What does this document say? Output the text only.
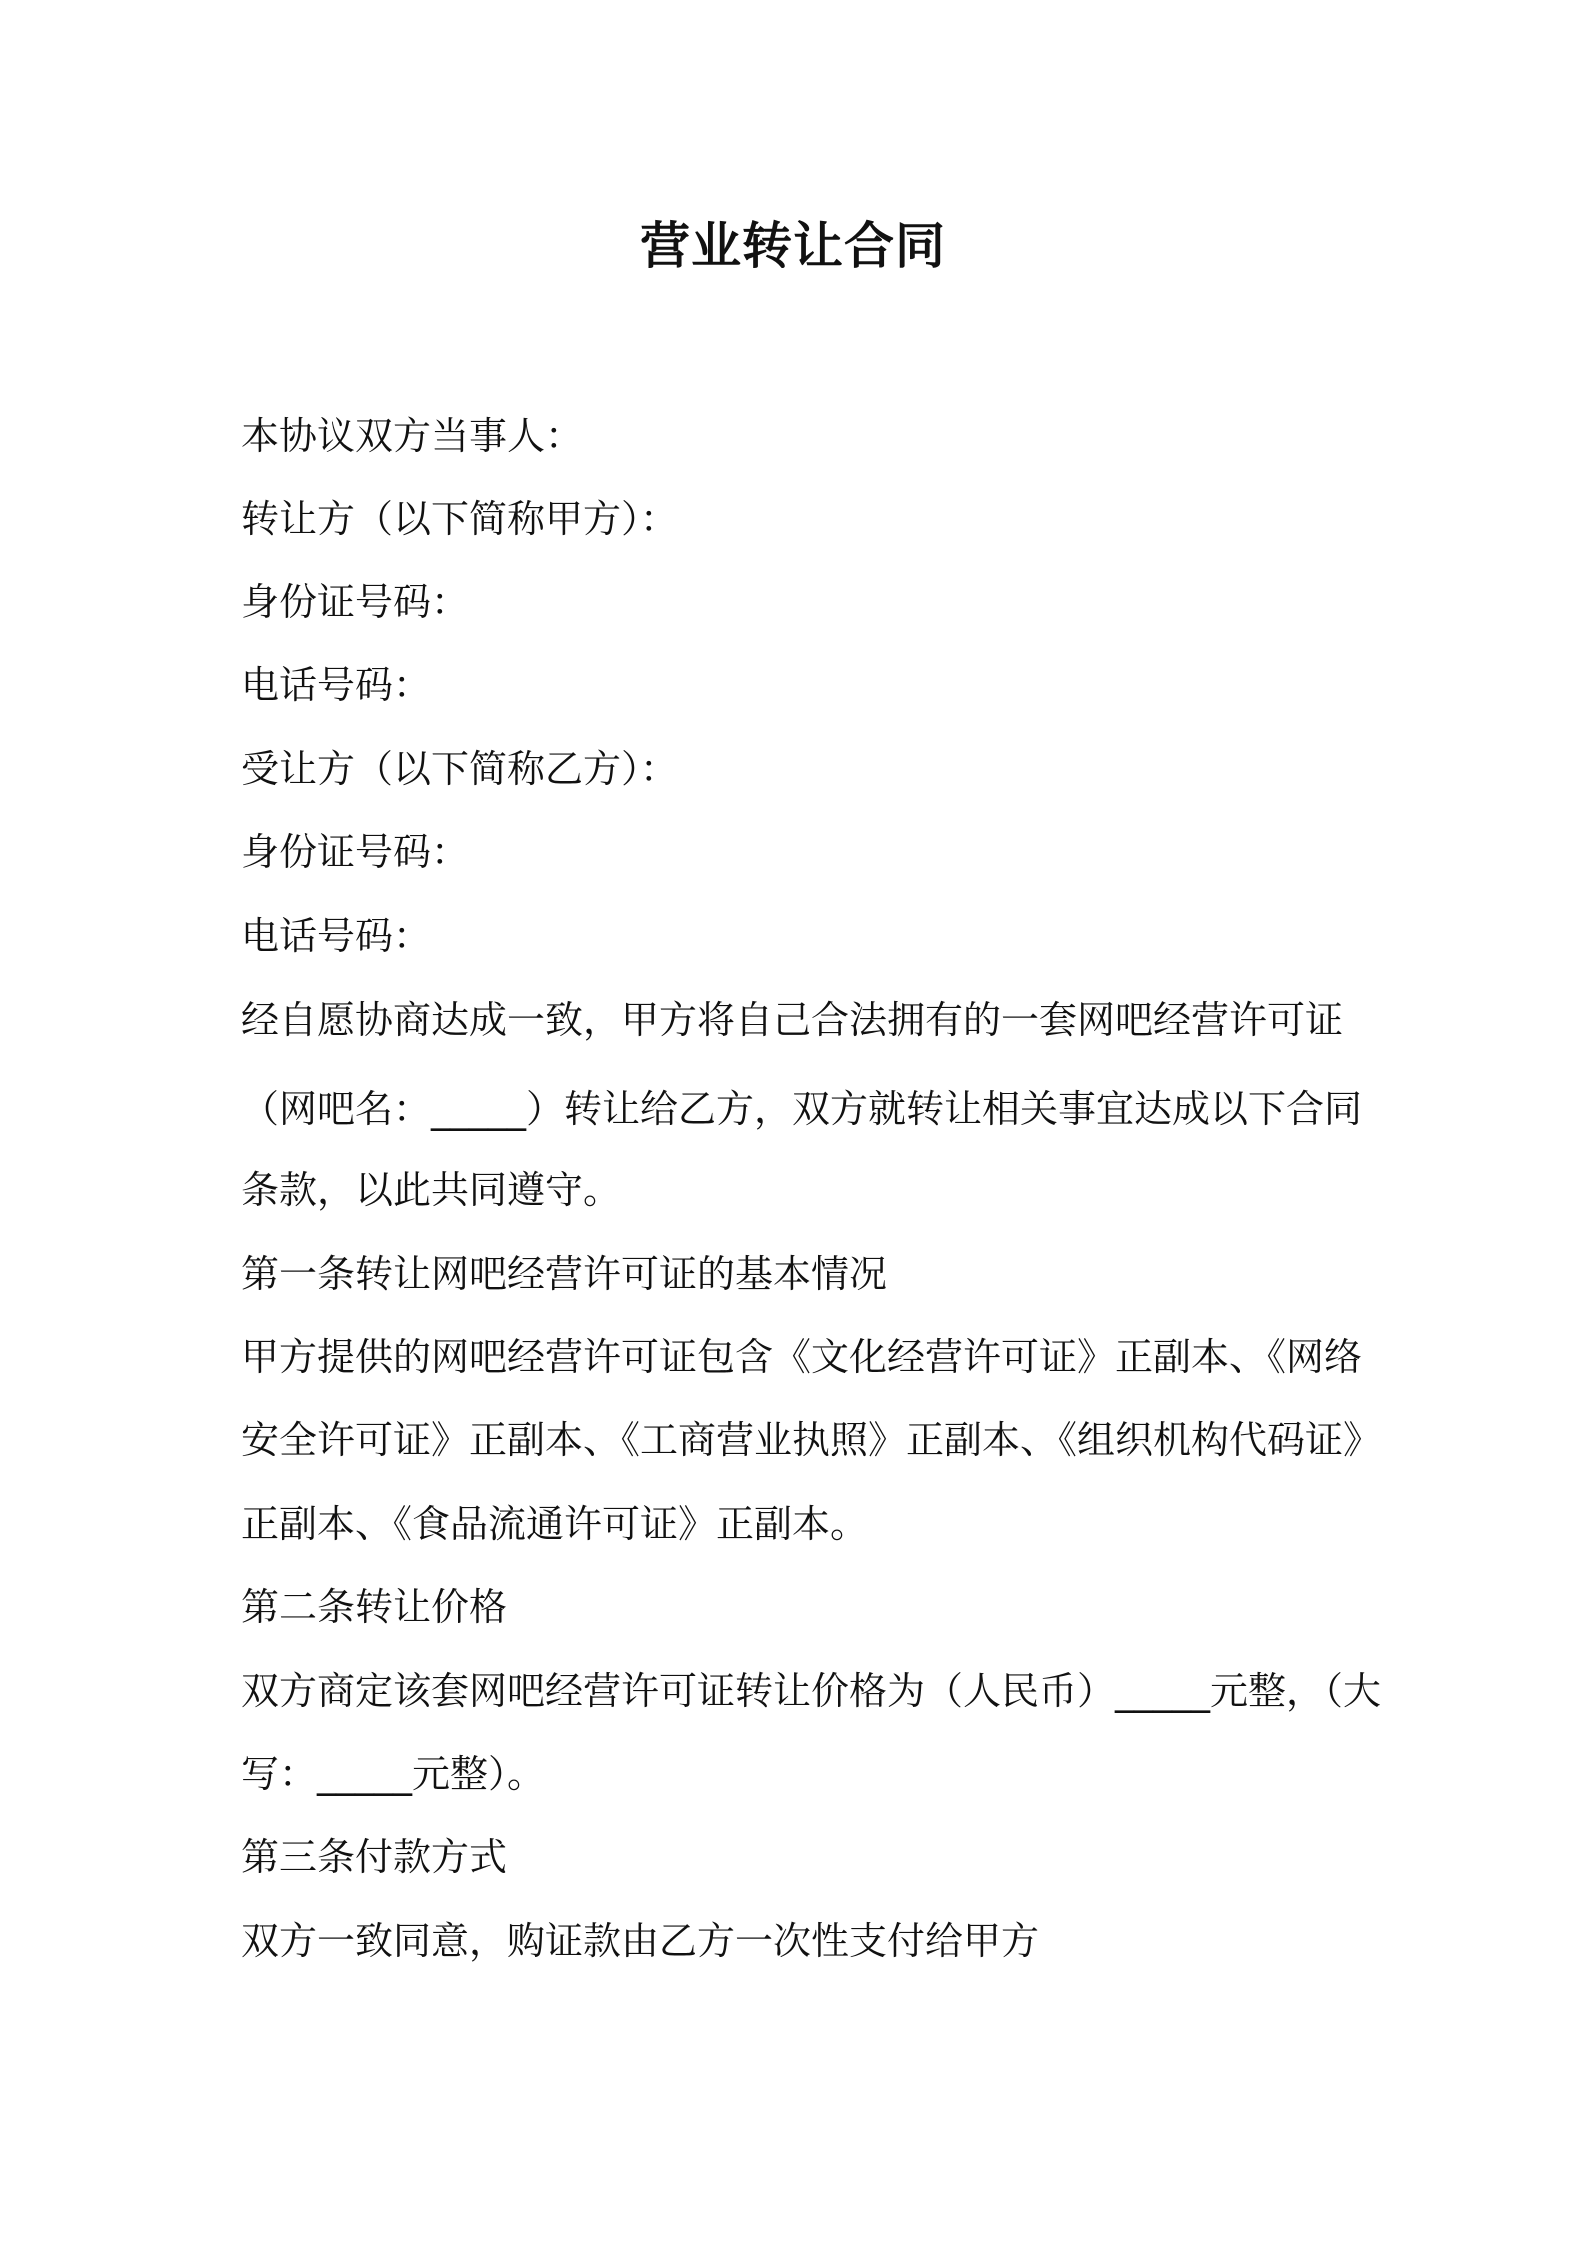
营业转让合同
本协议双方当事人：
转让方（以下简称甲方）：
身份证号码：
电话号码：
受让方（以下简称乙方）：
身份证号码：
电话号码：
经自愿协商达成一致，甲方将自己合法拥有的一套网吧经营许可证
（网吧名：_____）转让给乙方，双方就转让相关事宜达成以下合同
条款，以此共同遵守。
第一条转让网吧经营许可证的基本情况
甲方提供的网吧经营许可证包含《文化经营许可证》正副本、《网络
安全许可证》正副本、《工商营业执照》正副本、《组织机构代码证》
正副本、《食品流通许可证》正副本。
第二条转让价格
双方商定该套网吧经营许可证转让价格为（人民币）_____元整，（大
写：_____元整）。
第三条付款方式
双方一致同意，购证款由乙方一次性支付给甲方
